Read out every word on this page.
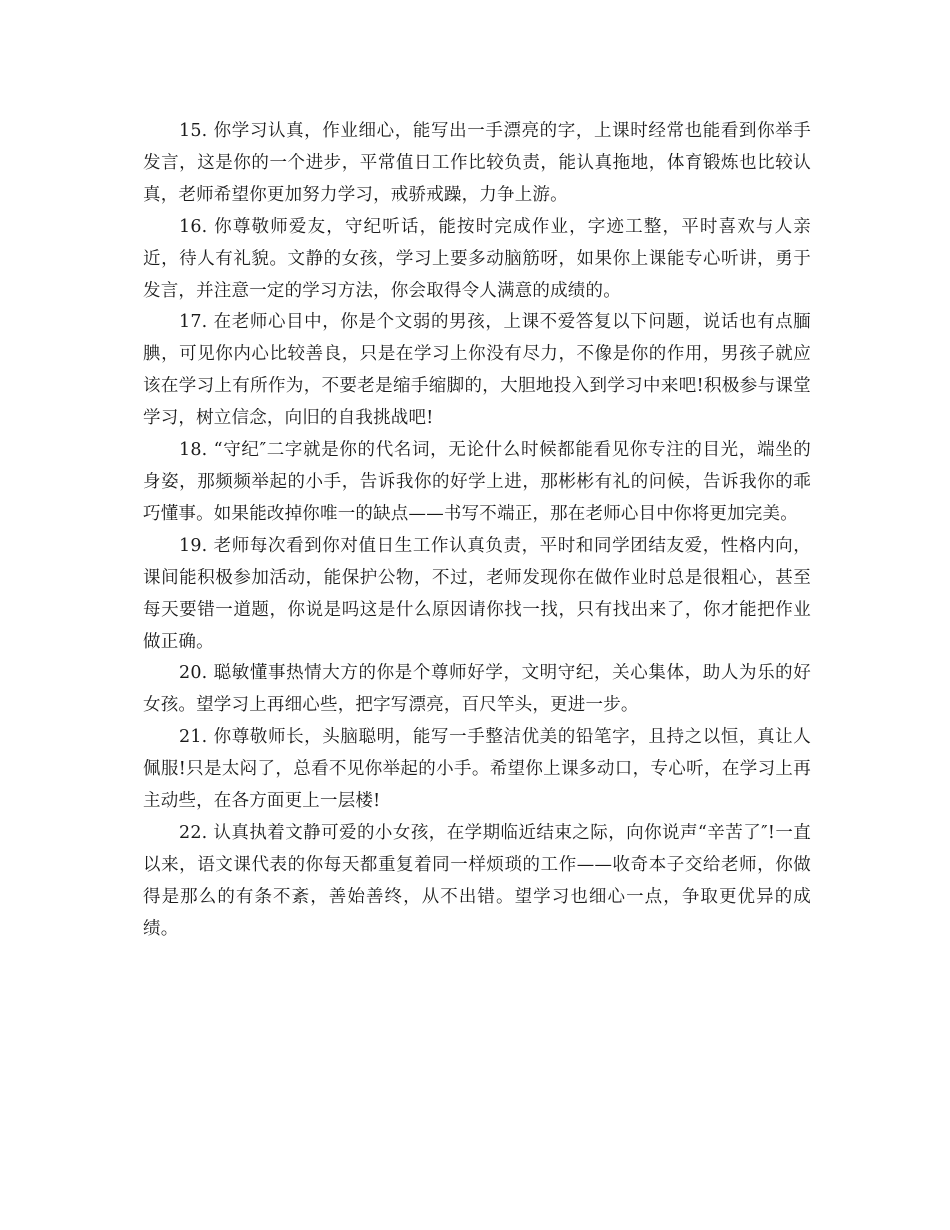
15. 你学习认真，作业细心，能写出一手漂亮的字，上课时经常也能看到你举手发言，这是你的一个进步，平常值日工作比较负责，能认真拖地，体育锻炼也比较认真，老师希望你更加努力学习，戒骄戒躁，力争上游。

16. 你尊敬师爱友，守纪听话，能按时完成作业，字迹工整，平时喜欢与人亲近，待人有礼貌。文静的女孩，学习上要多动脑筋呀，如果你上课能专心听讲，勇于发言，并注意一定的学习方法，你会取得令人满意的成绩的。

17. 在老师心目中，你是个文弱的男孩，上课不爱答复以下问题，说话也有点腼腆，可见你内心比较善良，只是在学习上你没有尽力，不像是你的作用，男孩子就应该在学习上有所作为，不要老是缩手缩脚的，大胆地投入到学习中来吧!积极参与课堂学习，树立信念，向旧的自我挑战吧!

18. “守纪″二字就是你的代名词，无论什么时候都能看见你专注的目光，端坐的身姿，那频频举起的小手，告诉我你的好学上进，那彬彬有礼的问候，告诉我你的乖巧懂事。如果能改掉你唯一的缺点——书写不端正，那在老师心目中你将更加完美。

19. 老师每次看到你对值日生工作认真负责，平时和同学团结友爱，性格内向，课间能积极参加活动，能保护公物，不过，老师发现你在做作业时总是很粗心，甚至每天要错一道题，你说是吗这是什么原因请你找一找，只有找出来了，你才能把作业做正确。

20. 聪敏懂事热情大方的你是个尊师好学，文明守纪，关心集体，助人为乐的好女孩。望学习上再细心些，把字写漂亮，百尺竿头，更进一步。

21. 你尊敬师长，头脑聪明，能写一手整洁优美的铅笔字，且持之以恒，真让人佩服!只是太闷了，总看不见你举起的小手。希望你上课多动口，专心听，在学习上再主动些，在各方面更上一层楼!

22. 认真执着文静可爱的小女孩，在学期临近结束之际，向你说声“辛苦了″!一直以来，语文课代表的你每天都重复着同一样烦琐的工作——收奇本子交给老师，你做得是那么的有条不紊，善始善终，从不出错。望学习也细心一点，争取更优异的成绩。
